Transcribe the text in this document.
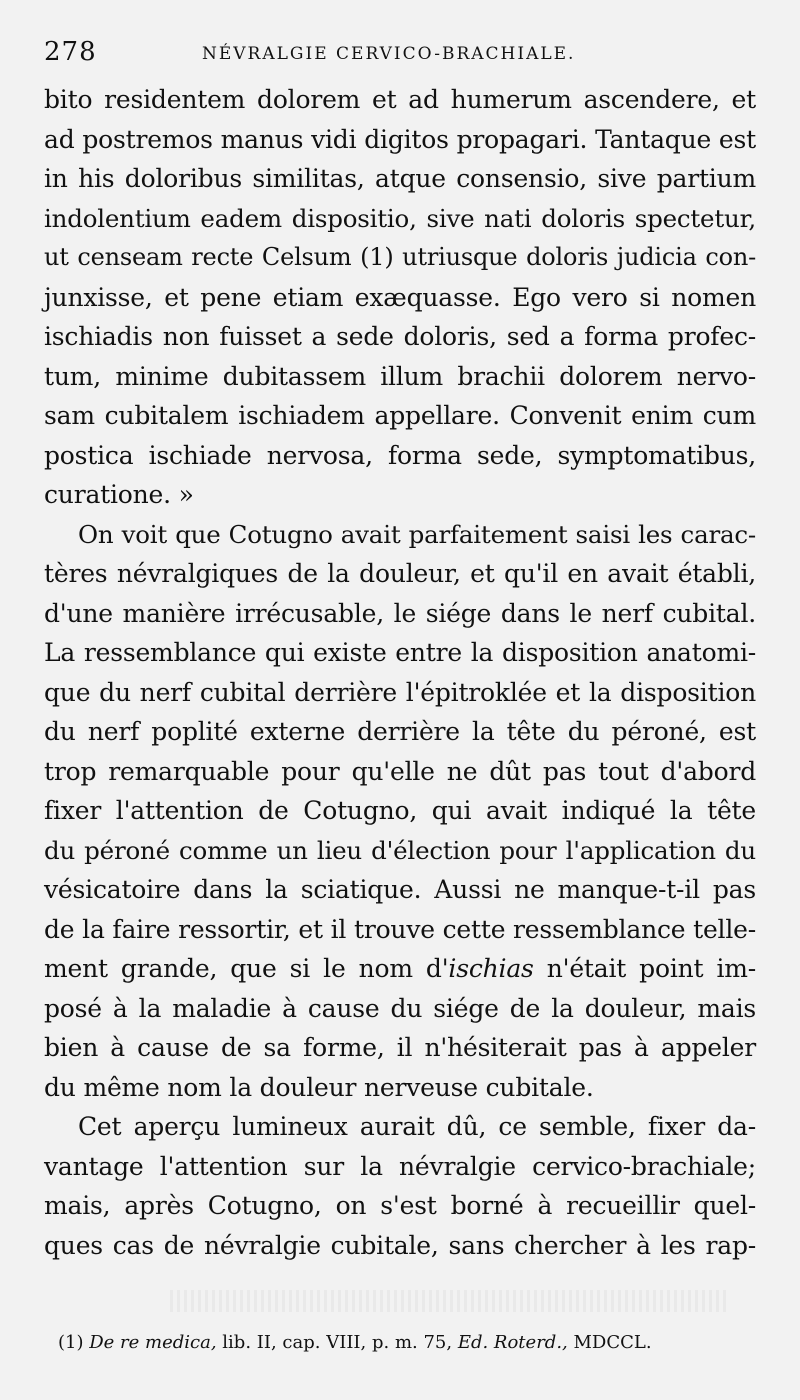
278	NÉVRALGIE CERVICO-BRACHIALE.
bito residentem dolorem et ad humerum ascendere, et
ad postremos manus vidi digitos propagari. Tantaque est
in his doloribus similitas, atque consensio, sive partium
indolentium eadem dispositio, sive nati doloris spectetur,
ut censeam recte Celsum (1) utriusque doloris judicia con-
junxisse, et pene etiam exæquasse. Ego vero si nomen
ischiadis non fuisset a sede doloris, sed a forma profec-
tum, minime dubitassem illum brachii dolorem nervo-
sam cubitalem ischiadem appellare. Convenit enim cum
postica ischiade nervosa, forma sede, symptomatibus,
curatione. »
On voit que Cotugno avait parfaitement saisi les carac-
tères névralgiques de la douleur, et qu'il en avait établi,
d'une manière irrécusable, le siége dans le nerf cubital.
La ressemblance qui existe entre la disposition anatomi-
que du nerf cubital derrière l'épitroklée et la disposition
du nerf poplité externe derrière la tête du péroné, est
trop remarquable pour qu'elle ne dût pas tout d'abord
fixer l'attention de Cotugno, qui avait indiqué la tête
du péroné comme un lieu d'élection pour l'application du
vésicatoire dans la sciatique. Aussi ne manque-t-il pas
de la faire ressortir, et il trouve cette ressemblance telle-
ment grande, que si le nom d'ischias n'était point im-
posé à la maladie à cause du siége de la douleur, mais
bien à cause de sa forme, il n'hésiterait pas à appeler
du même nom la douleur nerveuse cubitale.
Cet aperçu lumineux aurait dû, ce semble, fixer da-
vantage l'attention sur la névralgie cervico-brachiale;
mais, après Cotugno, on s'est borné à recueillir quel-
ques cas de névralgie cubitale, sans chercher à les rap-
(1) De re medica, lib. II, cap. VIII, p. m. 75, Ed. Roterd., MDCCL.
